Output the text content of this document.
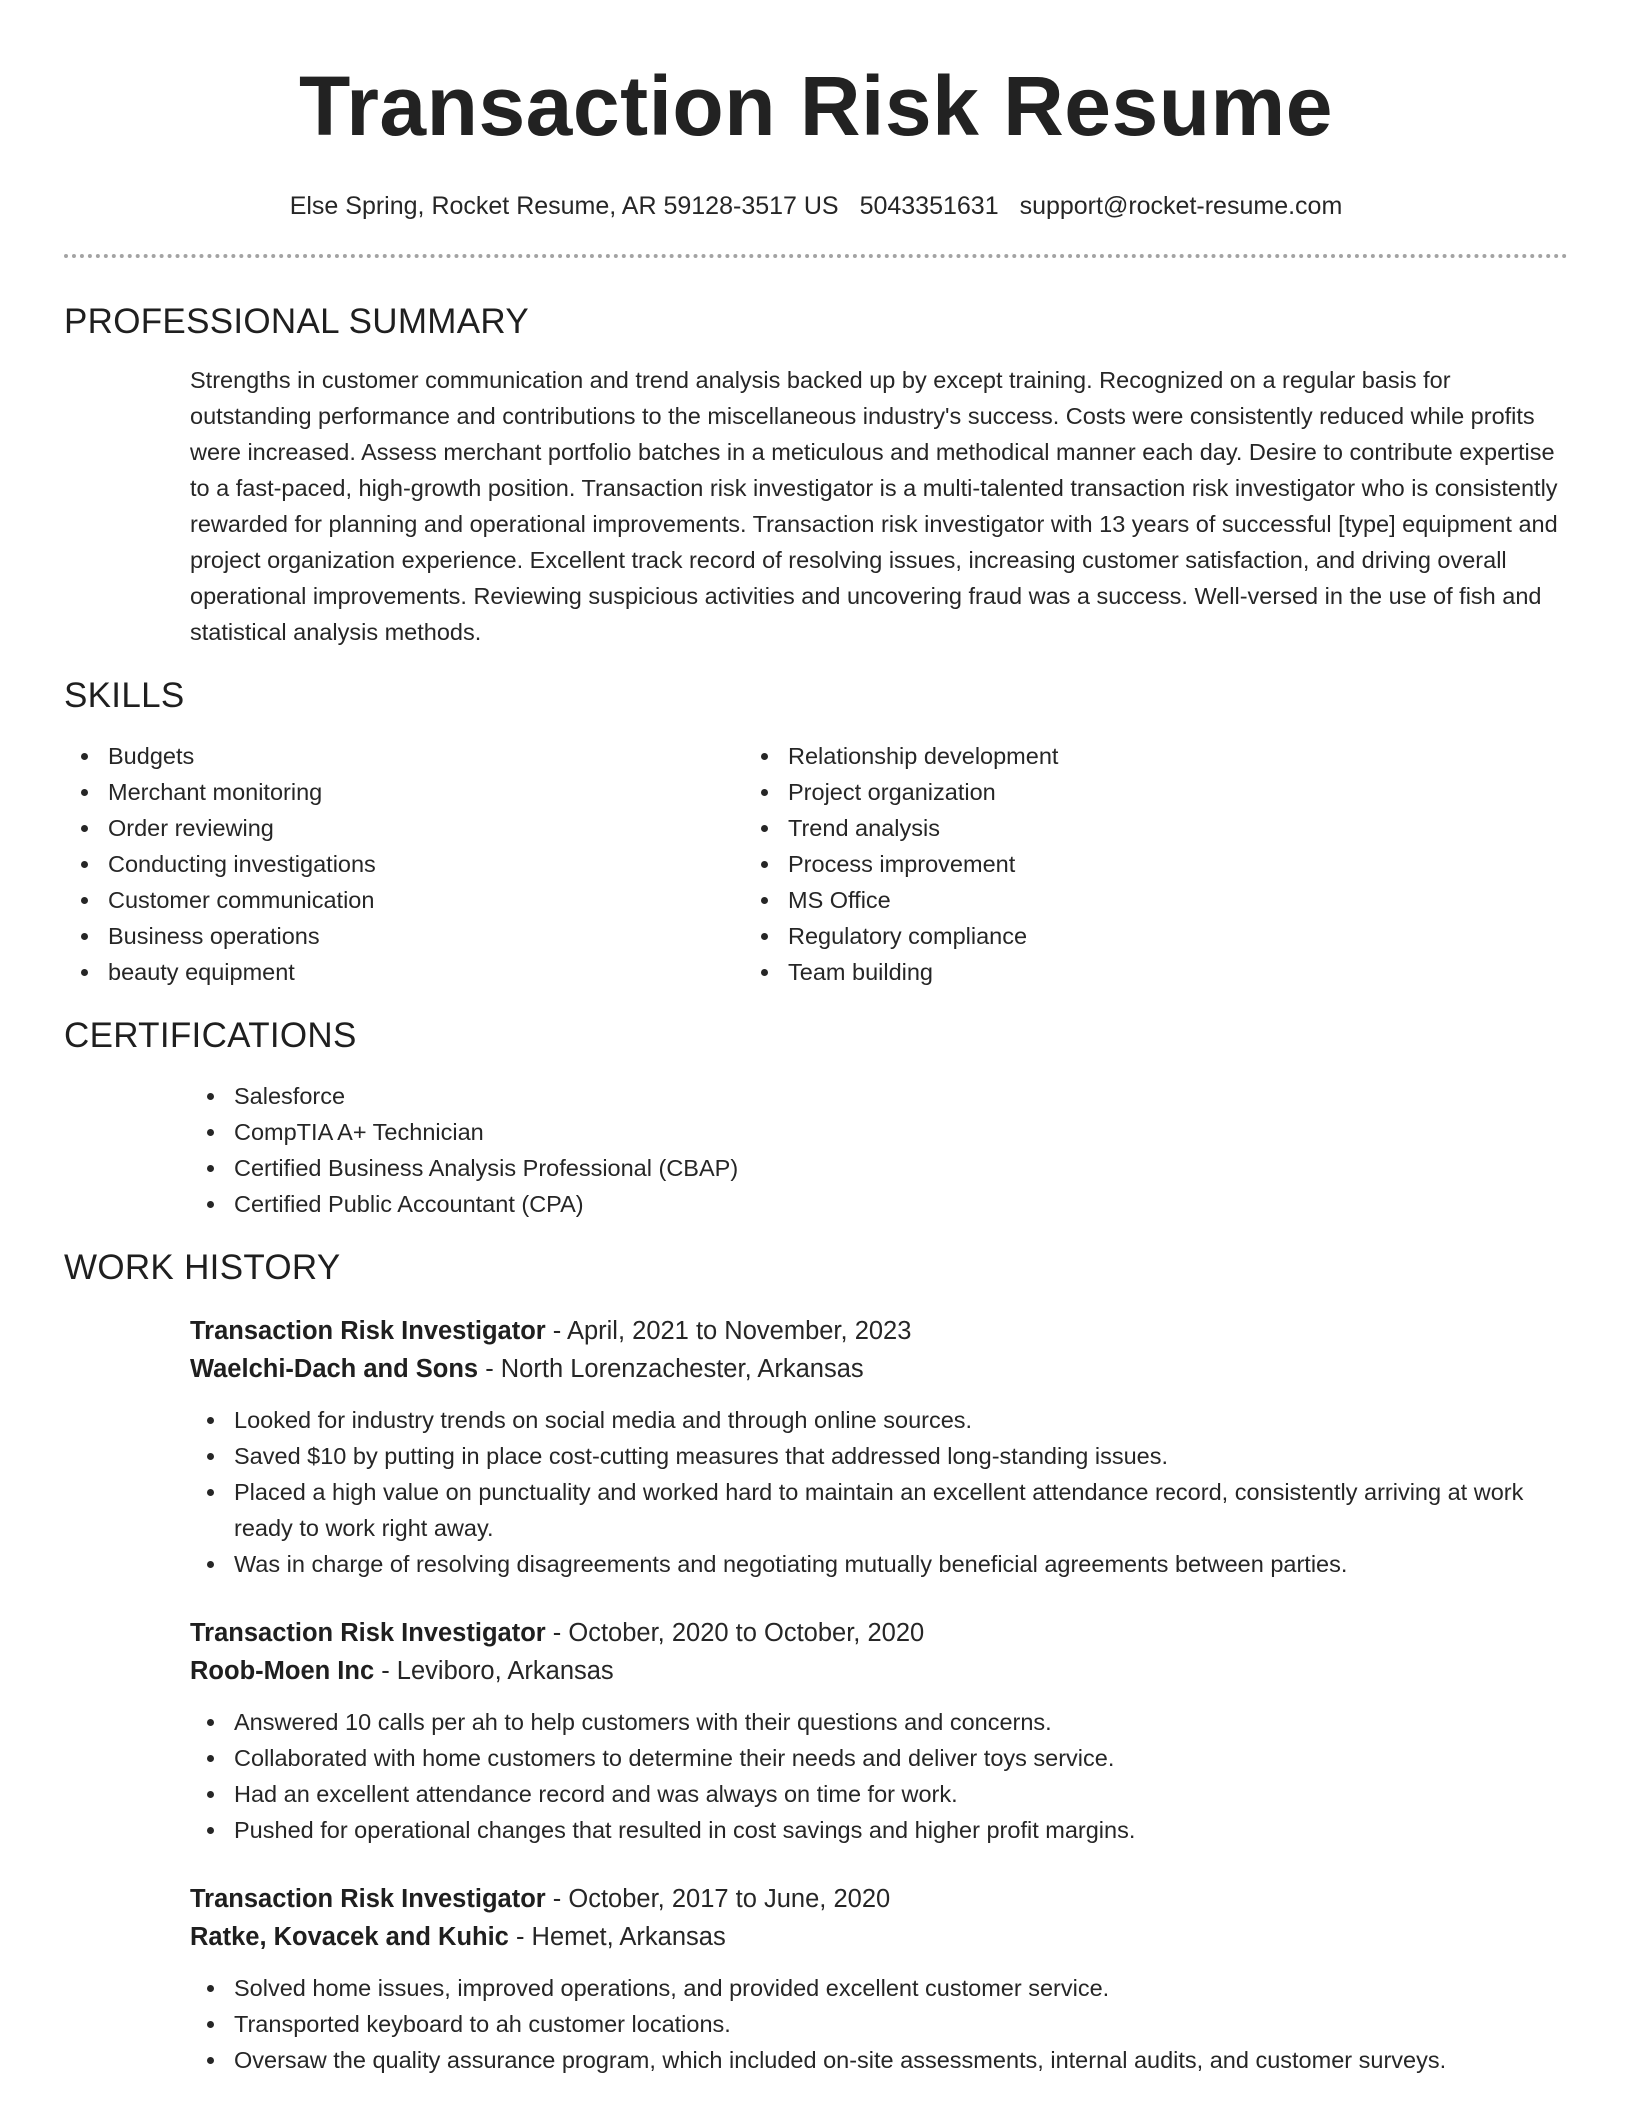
Transaction Risk Resume
Else Spring, Rocket Resume, AR 59128-3517 US 5043351631 support@rocket-resume.com
PROFESSIONAL SUMMARY

Strengths in customer communication and trend analysis backed up by except training. Recognized on a regular basis for outstanding performance and contributions to the miscellaneous industry's success. Costs were consistently reduced while profits were increased. Assess merchant portfolio batches in a meticulous and methodical manner each day. Desire to contribute expertise to a fast-paced, high-growth position. Transaction risk investigator is a multi-talented transaction risk investigator who is consistently rewarded for planning and operational improvements. Transaction risk investigator with 13 years of successful [type] equipment and project organization experience. Excellent track record of resolving issues, increasing customer satisfaction, and driving overall operational improvements. Reviewing suspicious activities and uncovering fraud was a success. Well-versed in the use of fish and statistical analysis methods.

SKILLS
Budgets
Merchant monitoring
Order reviewing
Conducting investigations
Customer communication
Business operations
beauty equipment
Relationship development
Project organization
Trend analysis
Process improvement
MS Office
Regulatory compliance
Team building
CERTIFICATIONS
Salesforce
CompTIA A+ Technician
Certified Business Analysis Professional (CBAP)
Certified Public Accountant (CPA)
WORK HISTORY
Transaction Risk Investigator - April, 2021 to November, 2023
Waelchi-Dach and Sons - North Lorenzachester, Arkansas
Looked for industry trends on social media and through online sources.
Saved $10 by putting in place cost-cutting measures that addressed long-standing issues.
Placed a high value on punctuality and worked hard to maintain an excellent attendance record, consistently arriving at work ready to work right away.
Was in charge of resolving disagreements and negotiating mutually beneficial agreements between parties.
Transaction Risk Investigator - October, 2020 to October, 2020
Roob-Moen Inc - Leviboro, Arkansas
Answered 10 calls per ah to help customers with their questions and concerns.
Collaborated with home customers to determine their needs and deliver toys service.
Had an excellent attendance record and was always on time for work.
Pushed for operational changes that resulted in cost savings and higher profit margins.
Transaction Risk Investigator - October, 2017 to June, 2020
Ratke, Kovacek and Kuhic - Hemet, Arkansas
Solved home issues, improved operations, and provided excellent customer service.
Transported keyboard to ah customer locations.
Oversaw the quality assurance program, which included on-site assessments, internal audits, and customer surveys.
